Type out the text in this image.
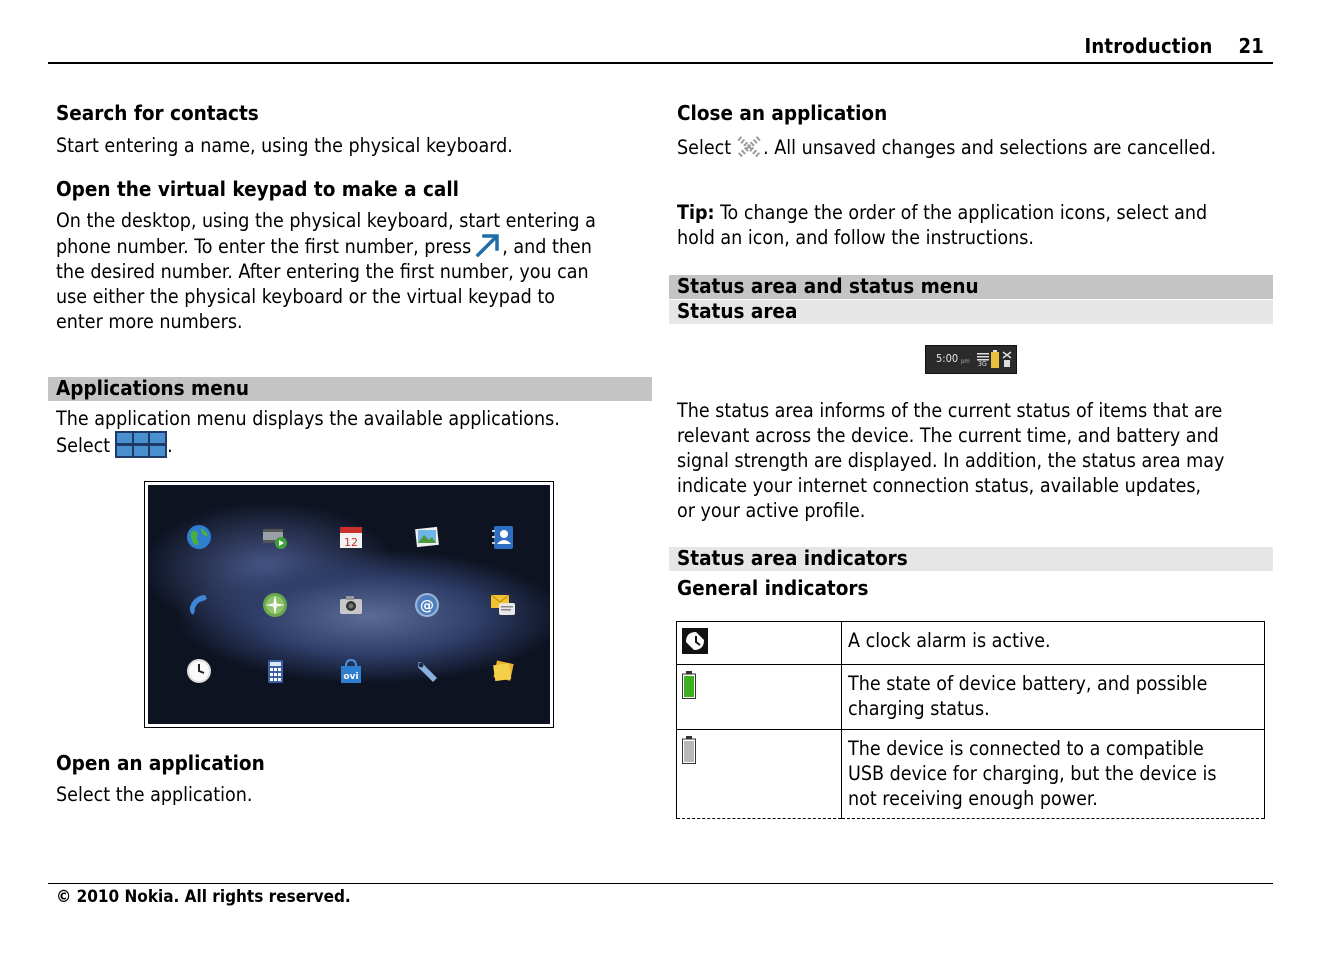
Introduction 21
Search for contacts
Start entering a name, using the physical keyboard.
Open the virtual keypad to make a call
On the desktop, using the physical keyboard, start entering a
phone number. To enter the first number, press , and then
the desired number. After entering the first number, you can
use either the physical keyboard or the virtual keypad to
enter more numbers.
Applications menu
The application menu displays the available applications.
Select	.
12
@
ovi
Open an application
Select the application.
Close an application
Select . All unsaved changes and selections are cancelled.
Tip: To change the order of the application icons, select and
hold an icon, and follow the instructions.
Status area and status menu
Status area
5:00 pm 3G
The status area informs of the current status of items that are
relevant across the device. The current time, and battery and
signal strength are displayed. In addition, the status area may
indicate your internet connection status, available updates,
or your active profile.
Status area indicators
General indicators

A clock alarm is active.

The state of device battery, and possible
charging status.

The device is connected to a compatible
USB device for charging, but the device is
not receiving enough power.
© 2010 Nokia. All rights reserved.
